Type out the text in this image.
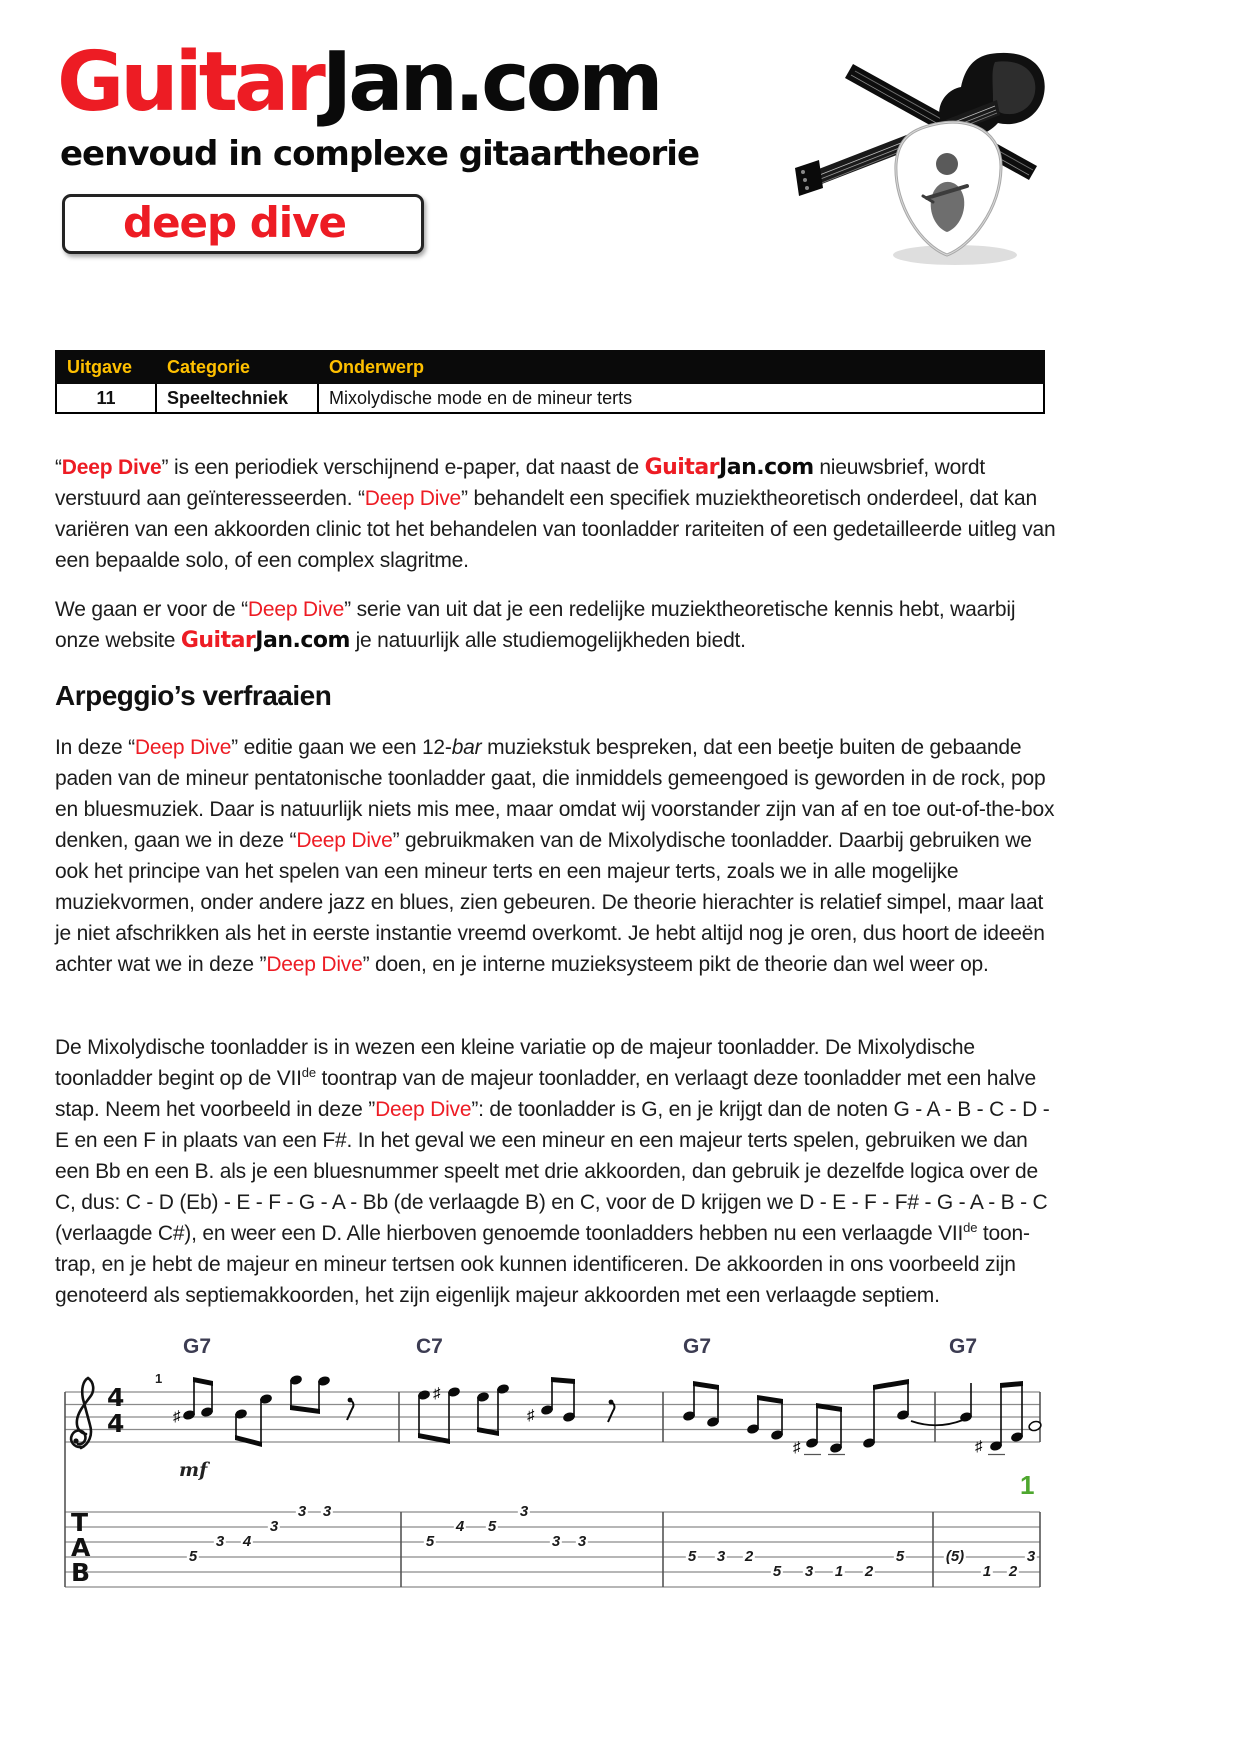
GuitarJan.com
eenvoud in complexe gitaartheorie
deep dive
Uitgave	Categorie	Onderwerp
11	Speeltechniek	Mixolydische mode en de mineur terts
“Deep Dive” is een periodiek verschijnend e-paper, dat naast de GuitarJan.com nieuwsbrief, wordt verstuurd aan geïnteresseerden. “Deep Dive” behandelt een specifiek muziektheoretisch onderdeel, dat kan variëren van een akkoorden clinic tot het behandelen van toonladder rariteiten of een gedetailleerde uitleg van een bepaalde solo, of een complex slagritme.
We gaan er voor de “Deep Dive” serie van uit dat je een redelijke muziektheoretische kennis hebt, waarbij onze website GuitarJan.com je natuurlijk alle studiemogelijkheden biedt.
Arpeggio’s verfraaien
In deze “Deep Dive” editie gaan we een 12-bar muziekstuk bespreken, dat een beetje buiten de gebaande paden van de mineur pentatonische toonladder gaat, die inmiddels gemeengoed is geworden in de rock, pop en bluesmuziek. Daar is natuurlijk niets mis mee, maar omdat wij voorstander zijn van af en toe out-of-the-box denken, gaan we in deze “Deep Dive” gebruikmaken van de Mixolydische toonladder. Daarbij gebruiken we ook het principe van het spelen van een mineur terts en een majeur terts, zoals we in alle mogelijke muziekvormen, onder andere jazz en blues, zien gebeuren. De theorie hierachter is relatief simpel, maar laat je niet afschrikken als het in eerste instantie vreemd overkomt. Je hebt altijd nog je oren, dus hoort de ideeën achter wat we in deze ”Deep Dive” doen, en je interne muzieksysteem pikt de theorie dan wel weer op.
De Mixolydische toonladder is in wezen een kleine variatie op de majeur toonladder. De Mixolydische toonladder begint op de VIIde toontrap van de majeur toonladder, en verlaagt deze toonladder met een halve stap. Neem het voorbeeld in deze ”Deep Dive”: de toonladder is G, en je krijgt dan de noten G - A - B - C - D - E en een F in plaats van een F#. In het geval we een mineur en een majeur terts spelen, gebruiken we dan een Bb en een B. als je een bluesnummer speelt met drie akkoorden, dan gebruik je dezelfde logica over de C, dus: C - D (Eb) - E - F - G - A - Bb (de verlaagde B) en C, voor de D krijgen we D - E - F - F# - G - A - B - C (verlaagde C#), en weer een D. Alle hierboven genoemde toonladders hebben nu een verlaagde VIIde toon-trap, en je hebt de majeur en mineur tertsen ook kunnen identificeren. De akkoorden in ons voorbeeld zijn genoteerd als septiemakkoorden, het zijn eigenlijk majeur akkoorden met een verlaagde septiem.
♯
♯
♯
♯	♯
G7	C7	G7	G7
1
4
4
mf
T
A
B
5
3 4
3
3 3
5
4 5
3
3 3
5 3 2
5 3 1 2
5	(5)
1 2
3
1
